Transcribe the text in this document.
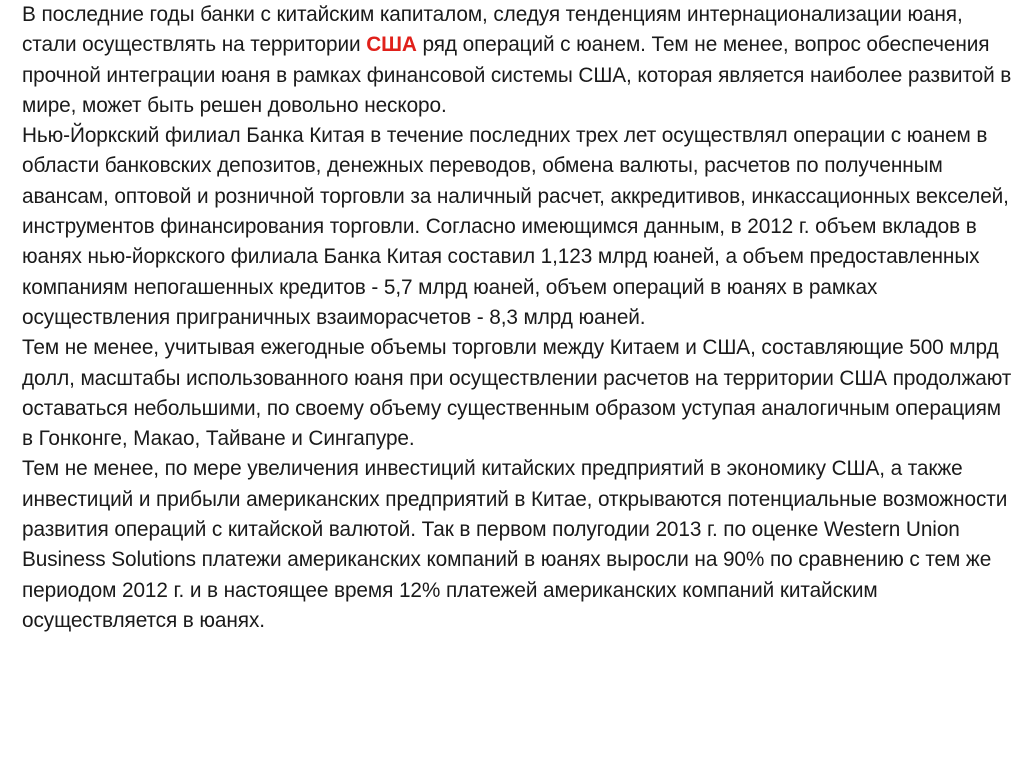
В последние годы банки с китайским капиталом, следуя тенденциям интернационализации юаня, стали осуществлять на территории США ряд операций с юанем. Тем не менее, вопрос обеспечения прочной интеграции юаня в рамках финансовой системы США, которая является наиболее развитой в мире, может быть решен довольно нескоро.

Нью-Йоркский филиал Банка Китая в течение последних трех лет осуществлял операции с юанем в области банковских депозитов, денежных переводов, обмена валюты, расчетов по полученным авансам, оптовой и розничной торговли за наличный расчет, аккредитивов, инкассационных векселей, инструментов финансирования торговли. Согласно имеющимся данным, в 2012 г. объем вкладов в юанях нью-йоркского филиала Банка Китая составил 1,123 млрд юаней, а объем предоставленных компаниям непогашенных кредитов - 5,7 млрд юаней, объем операций в юанях в рамках осуществления приграничных взаиморасчетов - 8,3 млрд юаней.

Тем не менее, учитывая ежегодные объемы торговли между Китаем и США, составляющие 500 млрд долл, масштабы использованного юаня при осуществлении расчетов на территории США продолжают оставаться небольшими, по своему объему существенным образом уступая аналогичным операциям в Гонконге, Макао, Тайване и Сингапуре.

Тем не менее, по мере увеличения инвестиций китайских предприятий в экономику США, а также инвестиций и прибыли американских предприятий в Китае, открываются потенциальные возможности развития операций с китайской валютой. Так в первом полугодии 2013 г. по оценке Western Union Business Solutions платежи американских компаний в юанях выросли на 90% по сравнению с тем же периодом 2012 г. и в настоящее время 12% платежей американских компаний китайским осуществляется в юанях.
